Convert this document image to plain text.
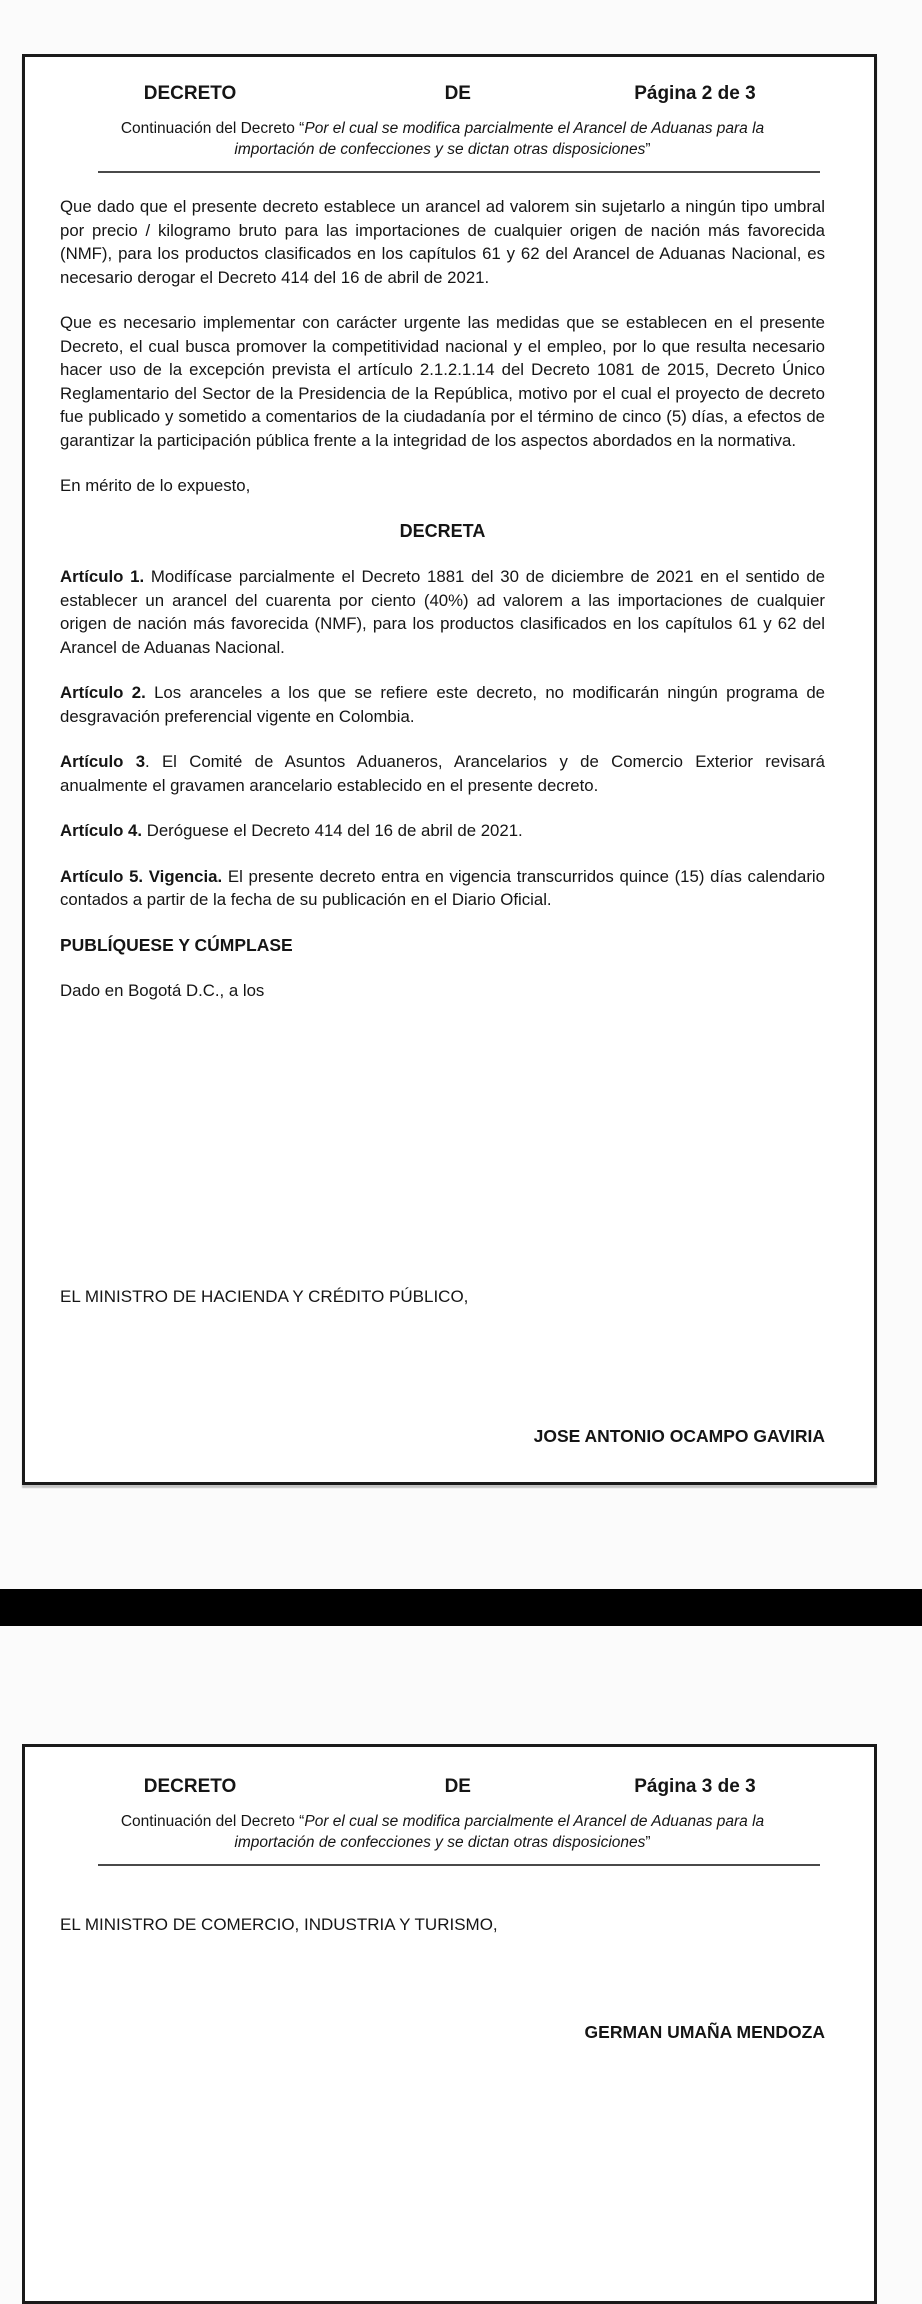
DECRETO	DE	Página 2 de 3

Continuación del Decreto “Por el cual se modifica parcialmente el Arancel de Aduanas para la importación de confecciones y se dictan otras disposiciones”

Que dado que el presente decreto establece un arancel ad valorem sin sujetarlo a ningún tipo umbral por precio / kilogramo bruto para las importaciones de cualquier origen de nación más favorecida (NMF), para los productos clasificados en los capítulos 61 y 62 del Arancel de Aduanas Nacional, es necesario derogar el Decreto 414 del 16 de abril de 2021.

Que es necesario implementar con carácter urgente las medidas que se establecen en el presente Decreto, el cual busca promover la competitividad nacional y el empleo, por lo que resulta necesario hacer uso de la excepción prevista el artículo 2.1.2.1.14 del Decreto 1081 de 2015, Decreto Único Reglamentario del Sector de la Presidencia de la República, motivo por el cual el proyecto de decreto fue publicado y sometido a comentarios de la ciudadanía por el término de cinco (5) días, a efectos de garantizar la participación pública frente a la integridad de los aspectos abordados en la normativa.

En mérito de lo expuesto,

DECRETA

Artículo 1. Modifícase parcialmente el Decreto 1881 del 30 de diciembre de 2021 en el sentido de establecer un arancel del cuarenta por ciento (40%) ad valorem a las importaciones de cualquier origen de nación más favorecida (NMF), para los productos clasificados en los capítulos 61 y 62 del Arancel de Aduanas Nacional.

Artículo 2. Los aranceles a los que se refiere este decreto, no modificarán ningún programa de desgravación preferencial vigente en Colombia.

Artículo 3. El Comité de Asuntos Aduaneros, Arancelarios y de Comercio Exterior revisará anualmente el gravamen arancelario establecido en el presente decreto.

Artículo 4. Deróguese el Decreto 414 del 16 de abril de 2021.

Artículo 5. Vigencia. El presente decreto entra en vigencia transcurridos quince (15) días calendario contados a partir de la fecha de su publicación en el Diario Oficial.

PUBLÍQUESE Y CÚMPLASE

Dado en Bogotá D.C., a los

EL MINISTRO DE HACIENDA Y CRÉDITO PÚBLICO,

JOSE ANTONIO OCAMPO GAVIRIA

DECRETO	DE	Página 3 de 3

Continuación del Decreto “Por el cual se modifica parcialmente el Arancel de Aduanas para la importación de confecciones y se dictan otras disposiciones”

EL MINISTRO DE COMERCIO, INDUSTRIA Y TURISMO,

GERMAN UMAÑA MENDOZA
